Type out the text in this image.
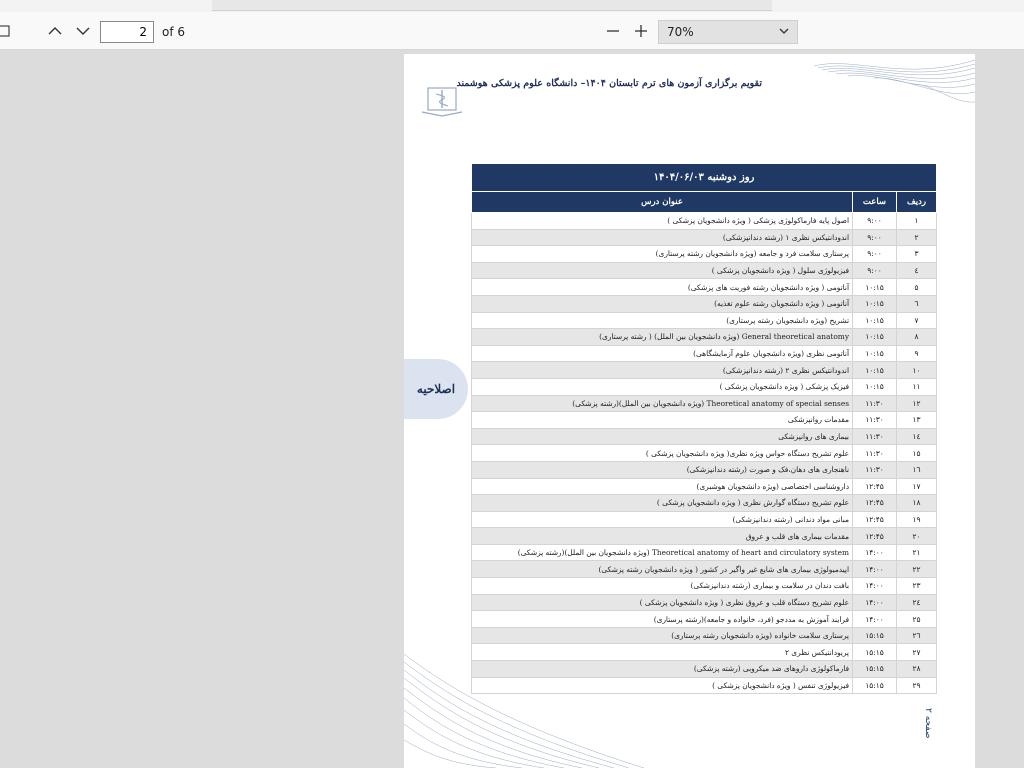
2
of 6	70%
تقویم برگزاری آزمون های ترم تابستان ۱۴۰۴– دانشگاه علوم پزشکی هوشمند
اصلاحیه
روز دوشنبه ۱۴۰۴/۰۶/۰۳		
ردیف	ساعت	عنوان درس
۱	۹:۰۰	اصول پایه فارماکولوژی پزشکی ( ویژه دانشجویان پزشکی )
۲	۹:۰۰	اندودانتیکس نظری ۱ (رشته دندانپزشکی)
۳	۹:۰۰	پرستاری سلامت فرد و جامعه (ویژه دانشجویان رشته پرستاری)
٤	۹:۰۰	فیزیولوژی سلول ( ویژه دانشجویان پزشکی )
۵	۱۰:۱۵	آناتومی ( ویژه دانشجویان رشته فوریت های پزشکی)
٦	۱۰:۱۵	آناتومی ( ویژه دانشجویان رشته علوم تغذیه)
۷	۱۰:۱۵	تشریح (ویژه دانشجویان رشته پرستاری)
۸	۱۰:۱۵	General theoretical anatomy (ویژه دانشجویان بین الملل) ( رشته پرستاری)
۹	۱۰:۱۵	آناتومی نظری (ویژه دانشجویان علوم آزمایشگاهی)
۱۰	۱۰:۱۵	اندودانتیکس نظری ۲ (رشته دندانپزشکی)
۱۱	۱۰:۱۵	فیزیک پزشکی ( ویژه دانشجویان پزشکی )
۱۲	۱۱:۳۰	Theoretical anatomy of special senses (ویژه دانشجویان بین الملل)(رشته پزشکی)
۱۳	۱۱:۳۰	مقدمات روانپزشکی
۱٤	۱۱:۳۰	بیماری های روانپزشکی
۱۵	۱۱:۳۰	علوم تشریح دستگاه حواس ویژه نظری( ویژه دانشجویان پزشکی )
۱٦	۱۱:۳۰	ناهنجاری های دهان،فک و صورت (رشته دندانپزشکی)
۱۷	۱۲:۴۵	داروشناسی اختصاصی (ویژه دانشجویان هوشبری)
۱۸	۱۲:۴۵	علوم تشریح دستگاه گوارش نظری ( ویژه دانشجویان پزشکی )
۱۹	۱۲:۴۵	مبانی مواد دندانی (رشته دندانپزشکی)
۲۰	۱۲:۴۵	مقدمات بیماری های قلب و عروق
۲۱	۱۴:۰۰	Theoretical anatomy of heart and circulatory system (ویژه دانشجویان بین الملل)(رشته پزشکی)
۲۲	۱۴:۰۰	اپیدمیولوژی بیماری های شایع غیر واگیر در کشور ( ویژه دانشجویان رشته پزشکی)
۲۳	۱۴:۰۰	بافت دندان در سلامت و بیماری (رشته دندانپزشکی)
۲٤	۱۴:۰۰	علوم تشریح دستگاه قلب و عروق نظری ( ویژه دانشجویان پزشکی )
۲۵	۱۴:۰۰	فرایند آموزش به مددجو (فرد، خانواده و جامعه)(رشته پرستاری)
۲٦	۱۵:۱۵	پرستاری سلامت خانواده (ویژه دانشجویان رشته پرستاری)
۲۷	۱۵:۱۵	پریودانتیکس نظری ۲
۲۸	۱۵:۱۵	فارماکولوژی داروهای ضد میکروبی (رشته پزشکی)
۲۹	۱۵:۱۵	فیزیولوژی تنفس ( ویژه دانشجویان پزشکی )
صفحه ۲
